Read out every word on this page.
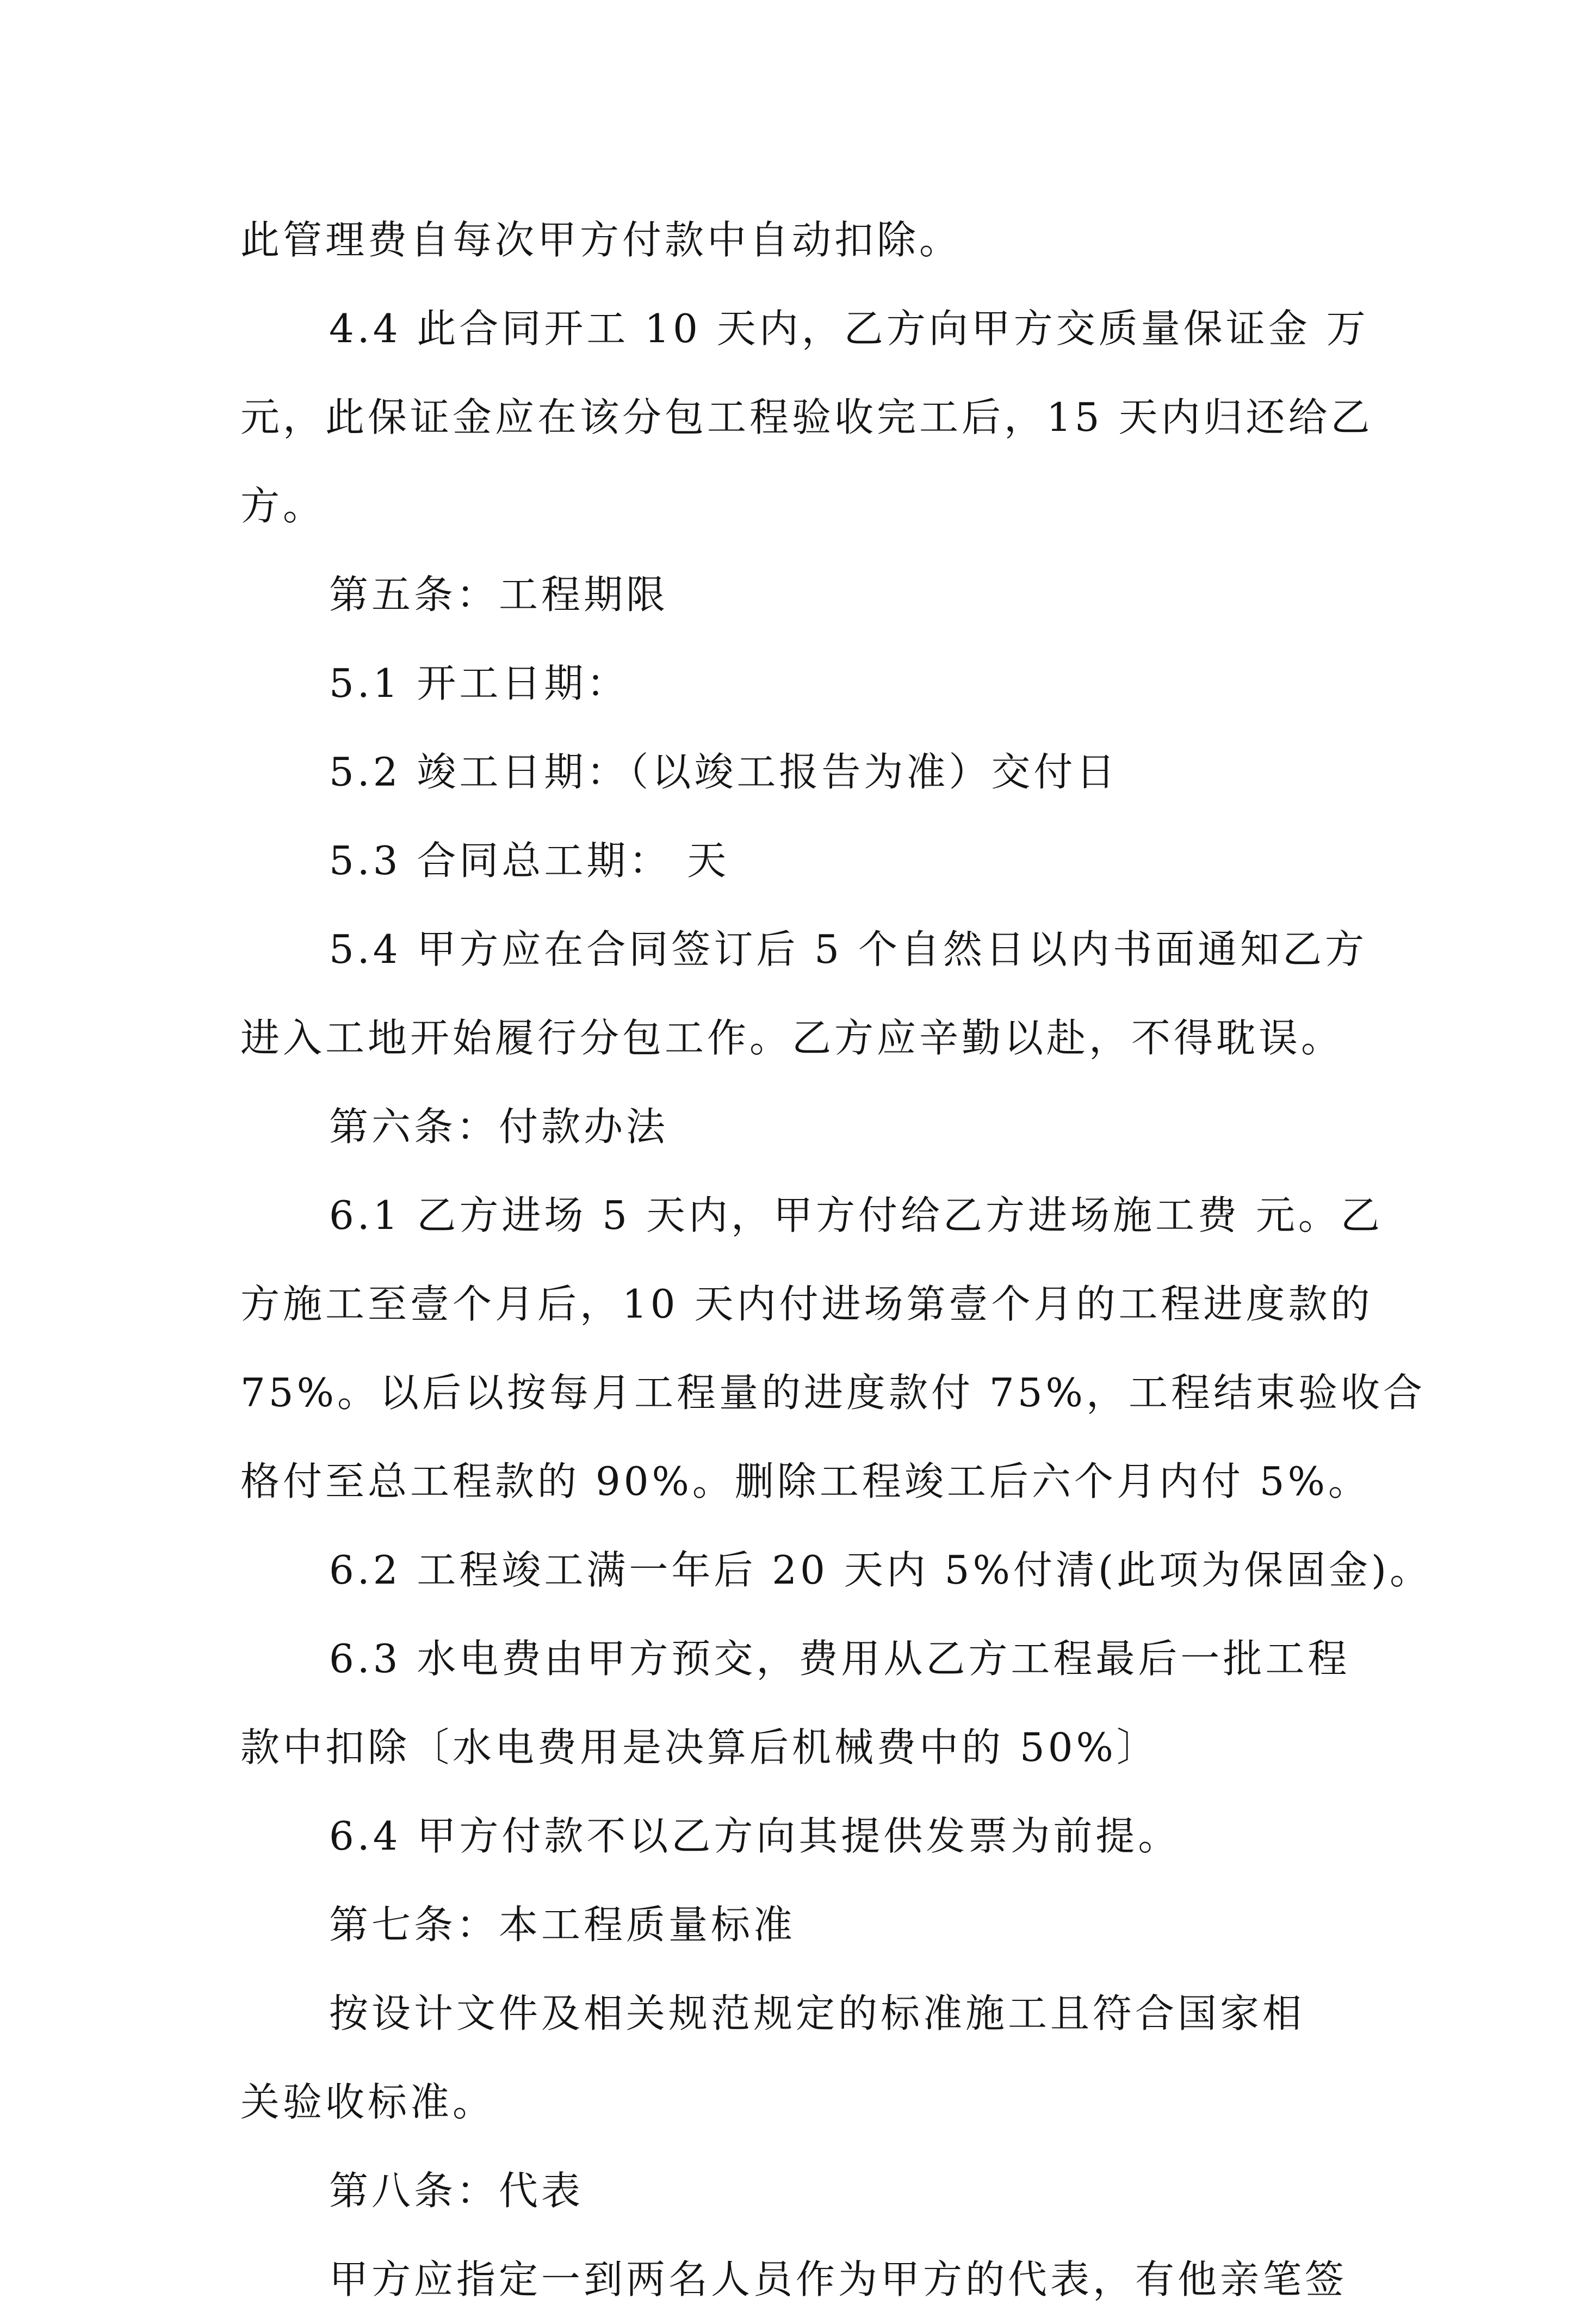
此管理费自每次甲方付款中自动扣除。
4.4 此合同开工 10 天内，乙方向甲方交质量保证金 万
元，此保证金应在该分包工程验收完工后，15 天内归还给乙
方。
第五条：工程期限
5.1 开工日期：
5.2 竣工日期：（以竣工报告为准）交付日
5.3 合同总工期： 天
5.4 甲方应在合同签订后 5 个自然日以内书面通知乙方
进入工地开始履行分包工作。乙方应辛勤以赴，不得耽误。
第六条：付款办法
6.1 乙方进场 5 天内，甲方付给乙方进场施工费 元。乙
方施工至壹个月后，10 天内付进场第壹个月的工程进度款的
75%。以后以按每月工程量的进度款付 75%，工程结束验收合
格付至总工程款的 90%。删除工程竣工后六个月内付 5%。
6.2 工程竣工满一年后 20 天内 5%付清(此项为保固金)。
6.3 水电费由甲方预交，费用从乙方工程最后一批工程
款中扣除〔水电费用是决算后机械费中的 50%〕
6.4 甲方付款不以乙方向其提供发票为前提。
第七条：本工程质量标准
按设计文件及相关规范规定的标准施工且符合国家相
关验收标准。
第八条：代表
甲方应指定一到两名人员作为甲方的代表，有他亲笔签
